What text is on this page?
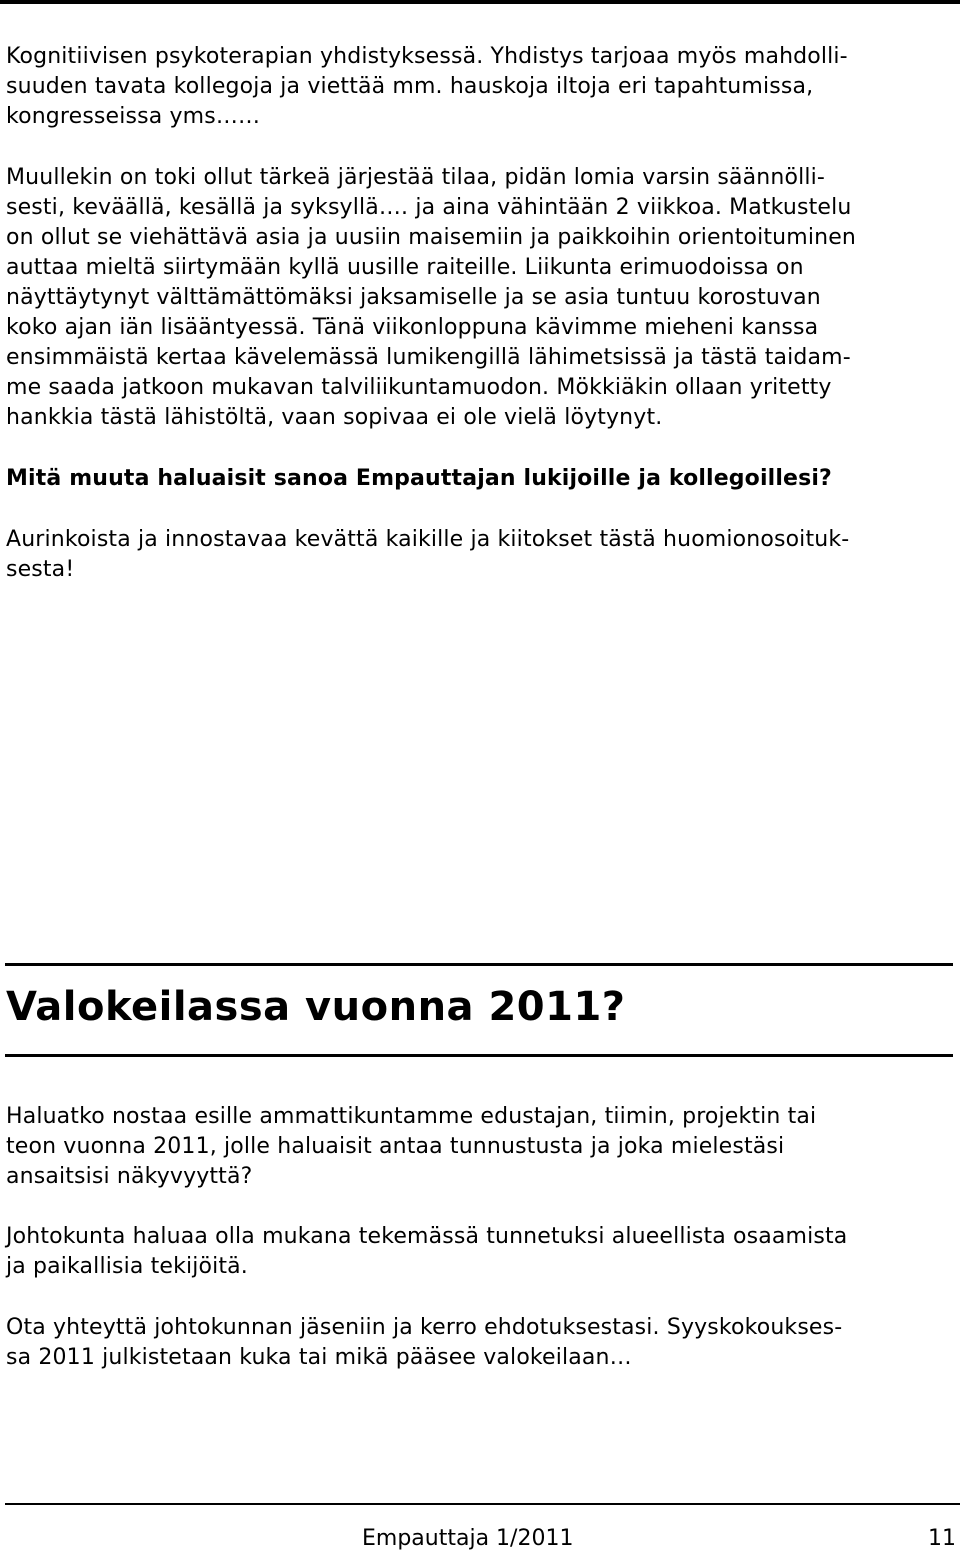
Kognitiivisen psykoterapian yhdistyksessä. Yhdistys tarjoaa myös mahdolli-
suuden tavata kollegoja ja viettää mm. hauskoja iltoja eri tapahtumissa,
kongresseissa yms……
Muullekin on toki ollut tärkeä järjestää tilaa, pidän lomia varsin säännölli-
sesti, keväällä, kesällä ja syksyllä…. ja aina vähintään 2 viikkoa. Matkustelu
on ollut se viehättävä asia ja uusiin maisemiin ja paikkoihin orientoituminen
auttaa mieltä siirtymään kyllä uusille raiteille. Liikunta erimuodoissa on
näyttäytynyt välttämättömäksi jaksamiselle ja se asia tuntuu korostuvan
koko ajan iän lisääntyessä. Tänä viikonloppuna kävimme mieheni kanssa
ensimmäistä kertaa kävelemässä lumikengillä lähimetsissä ja tästä taidam-
me saada jatkoon mukavan talviliikuntamuodon. Mökkiäkin ollaan yritetty
hankkia tästä lähistöltä, vaan sopivaa ei ole vielä löytynyt.
Mitä muuta haluaisit sanoa Empauttajan lukijoille ja kollegoillesi?
Aurinkoista ja innostavaa kevättä kaikille ja kiitokset tästä huomionosoituk-
sesta!
Valokeilassa vuonna 2011?
Haluatko nostaa esille ammattikuntamme edustajan, tiimin, projektin tai
teon vuonna 2011, jolle haluaisit antaa tunnustusta ja joka mielestäsi
ansaitsisi näkyvyyttä?
Johtokunta haluaa olla mukana tekemässä tunnetuksi alueellista osaamista
ja paikallisia tekijöitä.
Ota yhteyttä johtokunnan jäseniin ja kerro ehdotuksestasi. Syyskokoukses-
sa 2011 julkistetaan kuka tai mikä pääsee valokeilaan…
Empauttaja 1/2011	11
